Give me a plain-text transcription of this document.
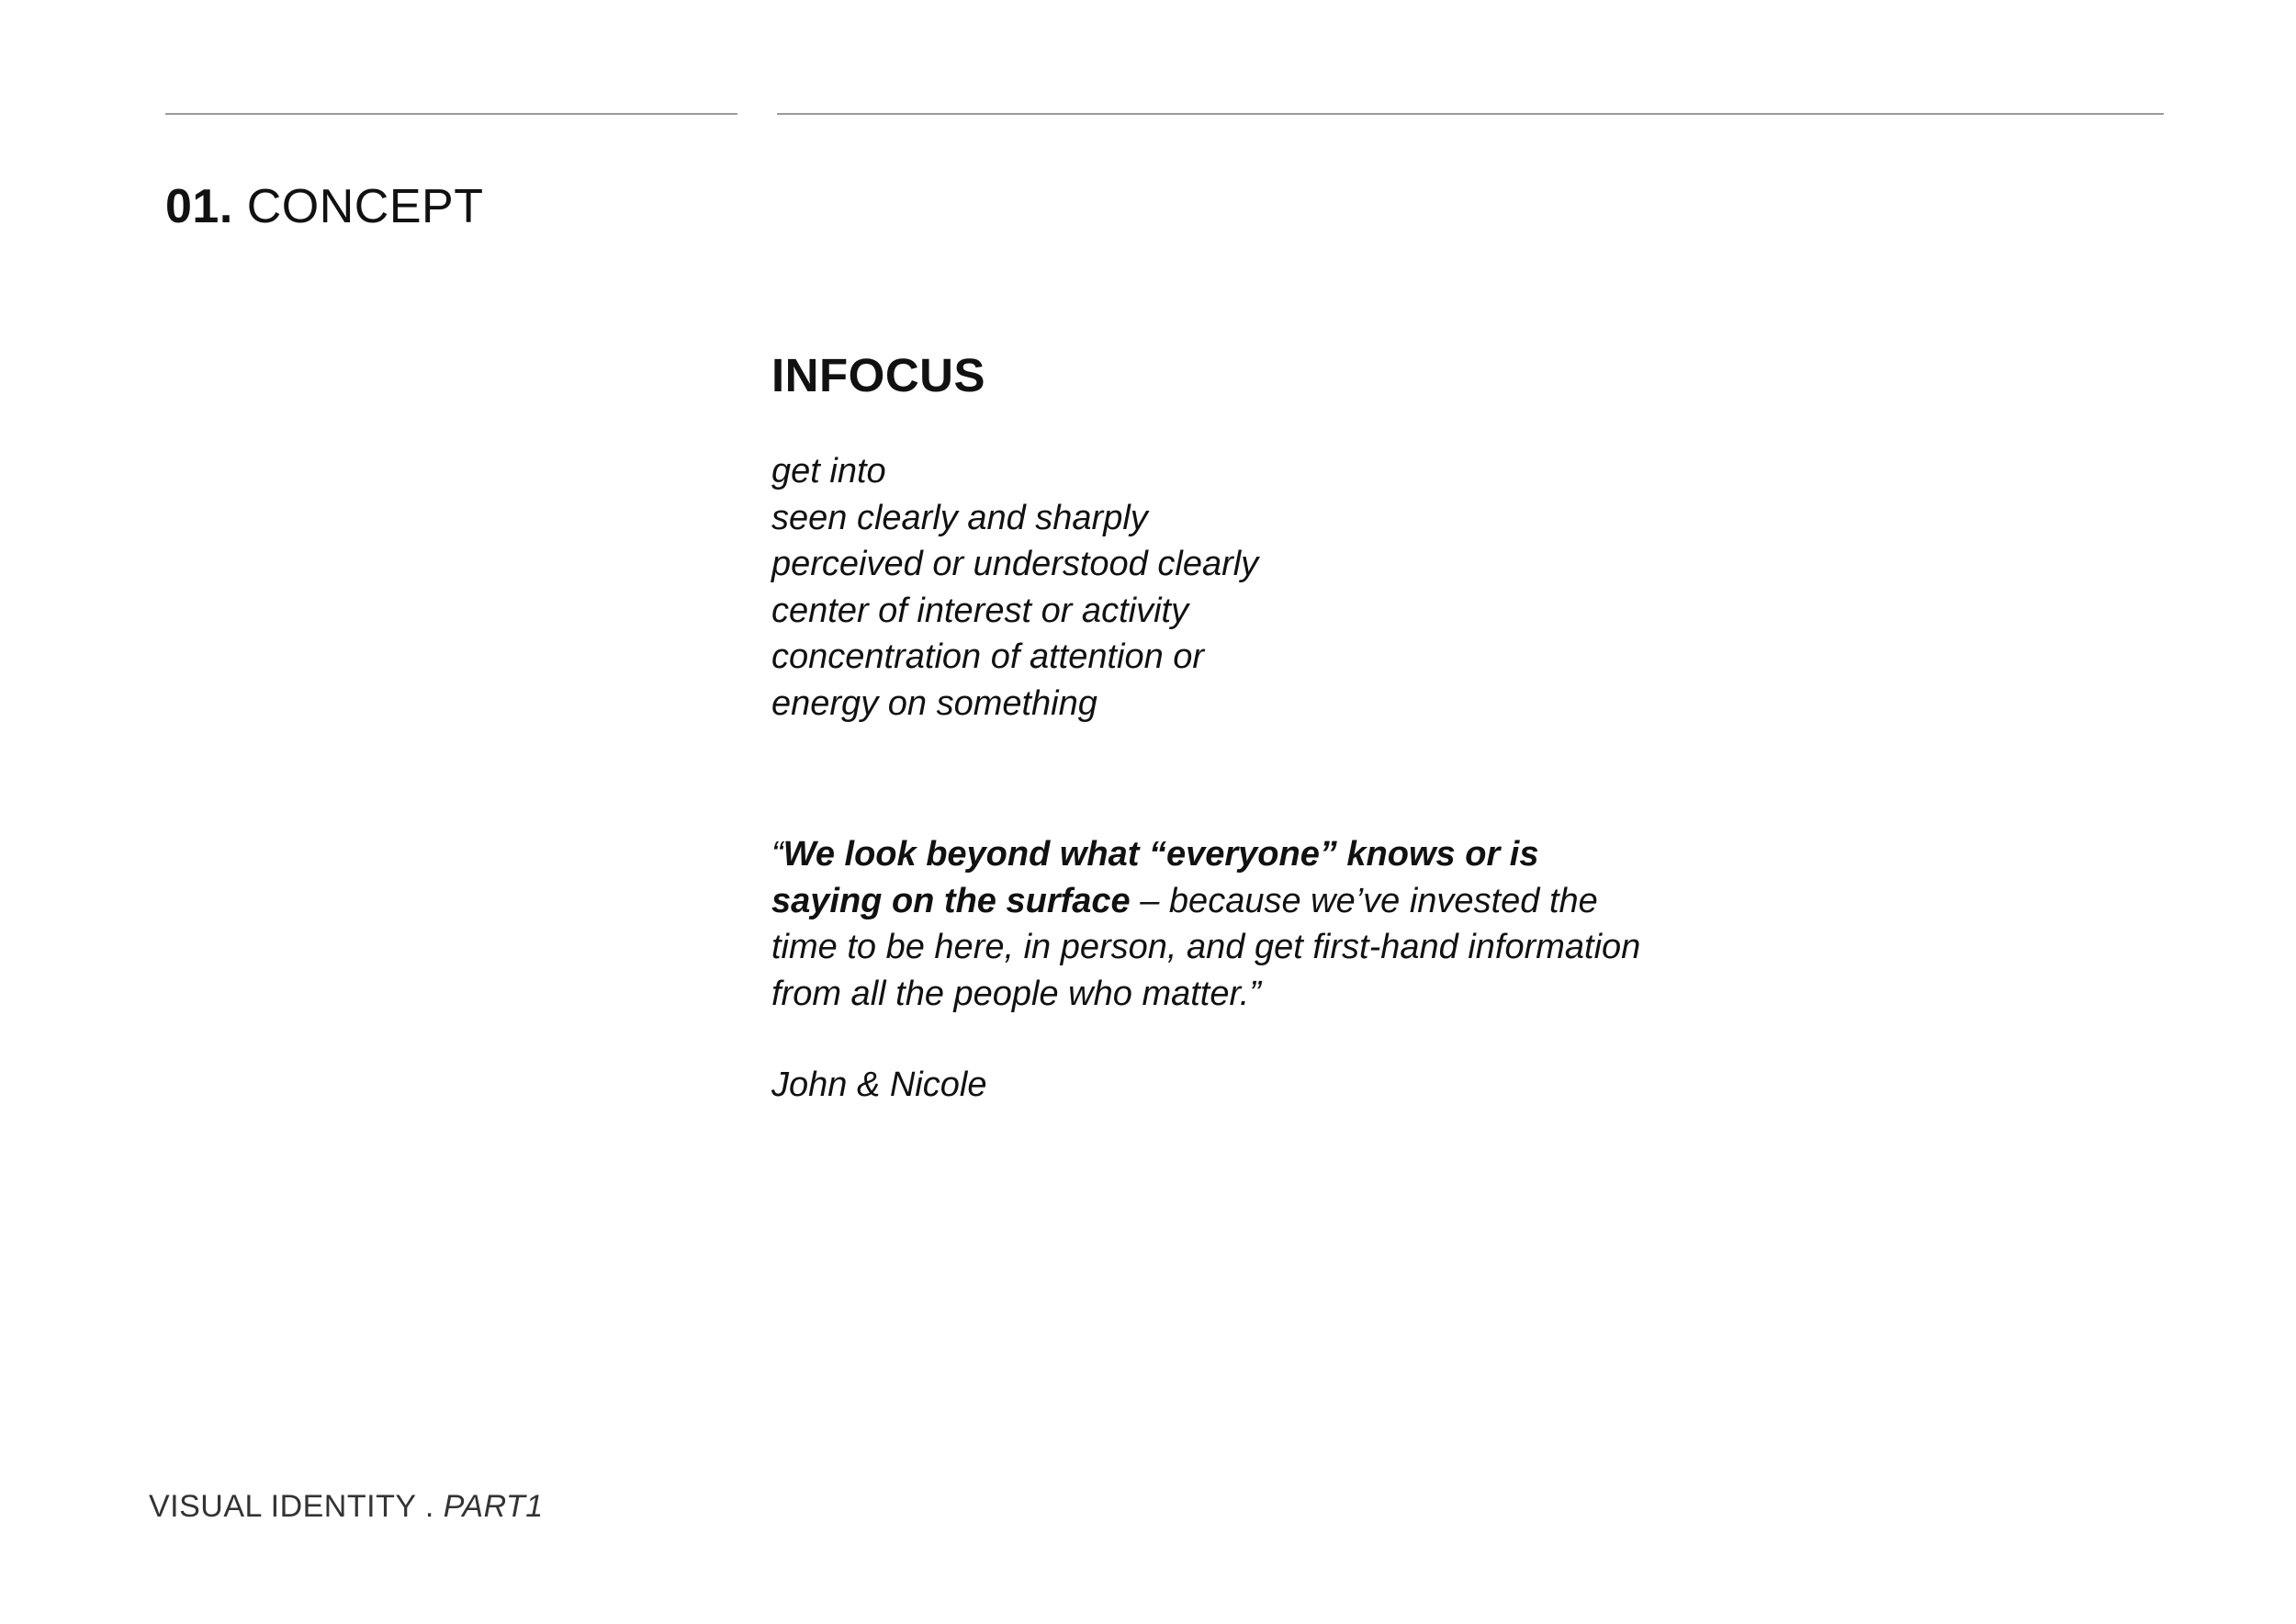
01. CONCEPT
INFOCUS
get into
seen clearly and sharply
perceived or understood clearly
center of interest or activity
concentration of attention or
energy on something

“We look beyond what “everyone” knows or is saying on the surface – because we’ve invested the time to be here, in person, and get first-hand information from all the people who matter.”

John & Nicole
VISUAL IDENTITY . PART1
